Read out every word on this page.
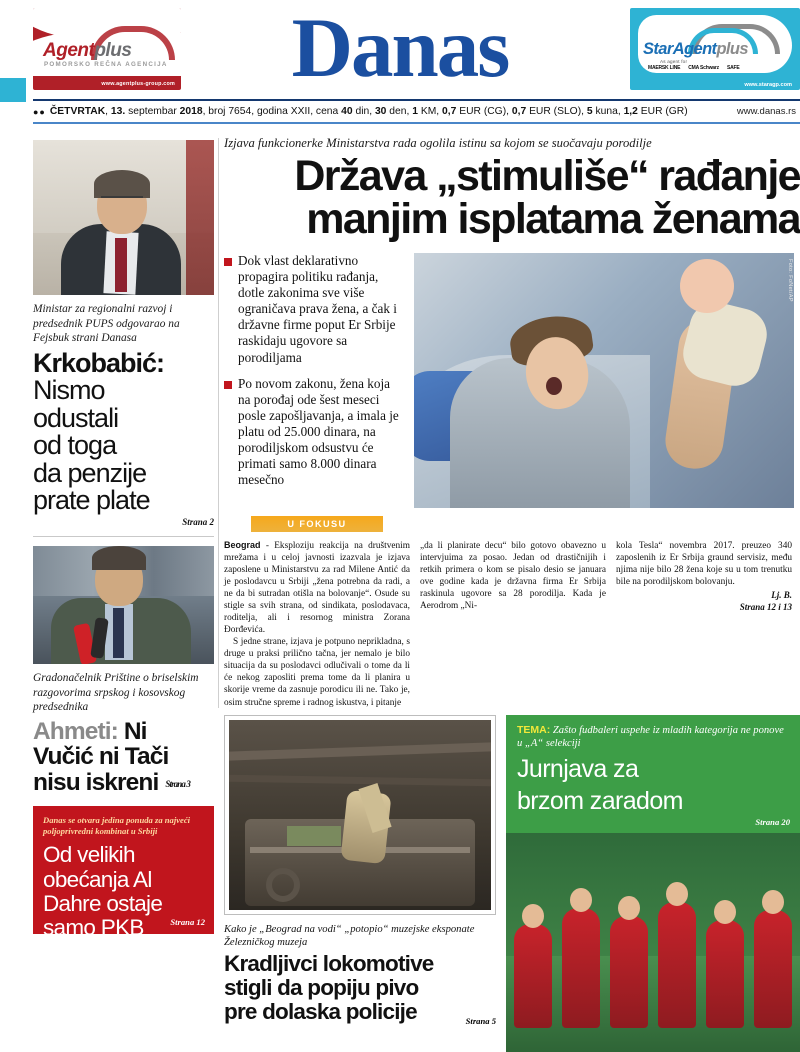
Agentplus
POMORSKO REČNA AGENCIJA
www.agentplus-group.com Danas	StarAgentplus
As agent for
MAERSK LINE CMA Schwarz SAFE
www.staragp.com
●● ČETVRTAK , 13.
septembar
2018 , broj 7654, godina XXII, cena
40
din,
30
den,
1
KM,
0,7
EUR (CG),
0,7
EUR (SLO),
5
kuna,
1,2
EUR (GR)	www.danas.rs
Ministar za regionalni razvoj i predsednik PUPS odgovarao na Fejsbuk strani Danasa
Krkobabić:
Nismo
odustali
od toga
da penzije
prate plate
Strana 2
Gradonačelnik Prištine o briselskim razgovorima srpskog i kosovskog predsednika
Ahmeti: Ni
Vučić ni Tači
nisu iskreni Strana 3
Danas se otvara jedina ponuda za najveći poljoprivredni kombinat u Srbiji
Od velikih
obećanja Al
Dahre ostaje
samo PKB	Strana 12
Izjava funkcionerke Ministarstva rada ogolila istinu sa kojom se suočavaju porodilje
Država „stimuliše“ rađanje
manjim isplatama ženama

Dok vlast deklarativno propagira politiku rađanja, dotle zakonima sve više ograničava prava žena, a čak i državne firme poput Er Srbije raskidaju ugovore sa porodiljama

Po novom zakonu, žena koja na porođaj ode šest meseci posle zapošljavanja, a imala je platu od 25.000 dinara, na porodiljskom odsustvu će primati samo 8.000 dinara mesečno

Foto: FoNet/AP
U FOKUSU

Beograd - Eksploziju reakcija na društvenim mrežama i u celoj javnosti izazvala je izjava zaposlene u Ministarstvu za rad Milene Antić da je poslodavcu u Srbiji „žena potrebna da radi, a ne da bi sutradan otišla na bolovanje“. Osude su stigle sa svih strana, od sindikata, poslodavaca, roditelja, ali i resornog ministra Zorana Đorđevića.

S jedne strane, izjava je potpuno neprikladna, s druge u praksi prilično tačna, jer nemalo je bilo situacija da su poslodavci odlučivali o tome da li će nekog zaposliti prema tome da li planira u skorije vreme da zasnuje porodicu ili ne. Tako je, osim stručne spreme i radnog iskustva, i pitanje

„da li planirate decu“ bilo gotovo obavezno u intervjuima za posao. Jedan od drastičnijih i retkih primera o kom se pisalo desio se januara ove godine kada je državna firma Er Srbija raskinula ugovore sa 28 porodilja. Kada je Aerodrom „Ni-

kola Tesla“ novembra 2017. preuzeo 340 zaposlenih iz Er Srbija graund servisiz, među njima nije bilo 28 žena koje su u tom trenutku bile na porodiljskom bolovanju.

Lj. B.
Strana 12 i 13
Kako je „Beograd na vodi“ „potopio“ muzejske eksponate Železničkog muzeja
Kradljivci lokomotive
stigli da popiju pivo
pre dolaska policije	Strana 5
TEMA: Zašto fudbaleri uspehe iz mladih kategorija ne ponove u „A“ selekciji
Jurnjava za
brzom zaradom
Strana 20
